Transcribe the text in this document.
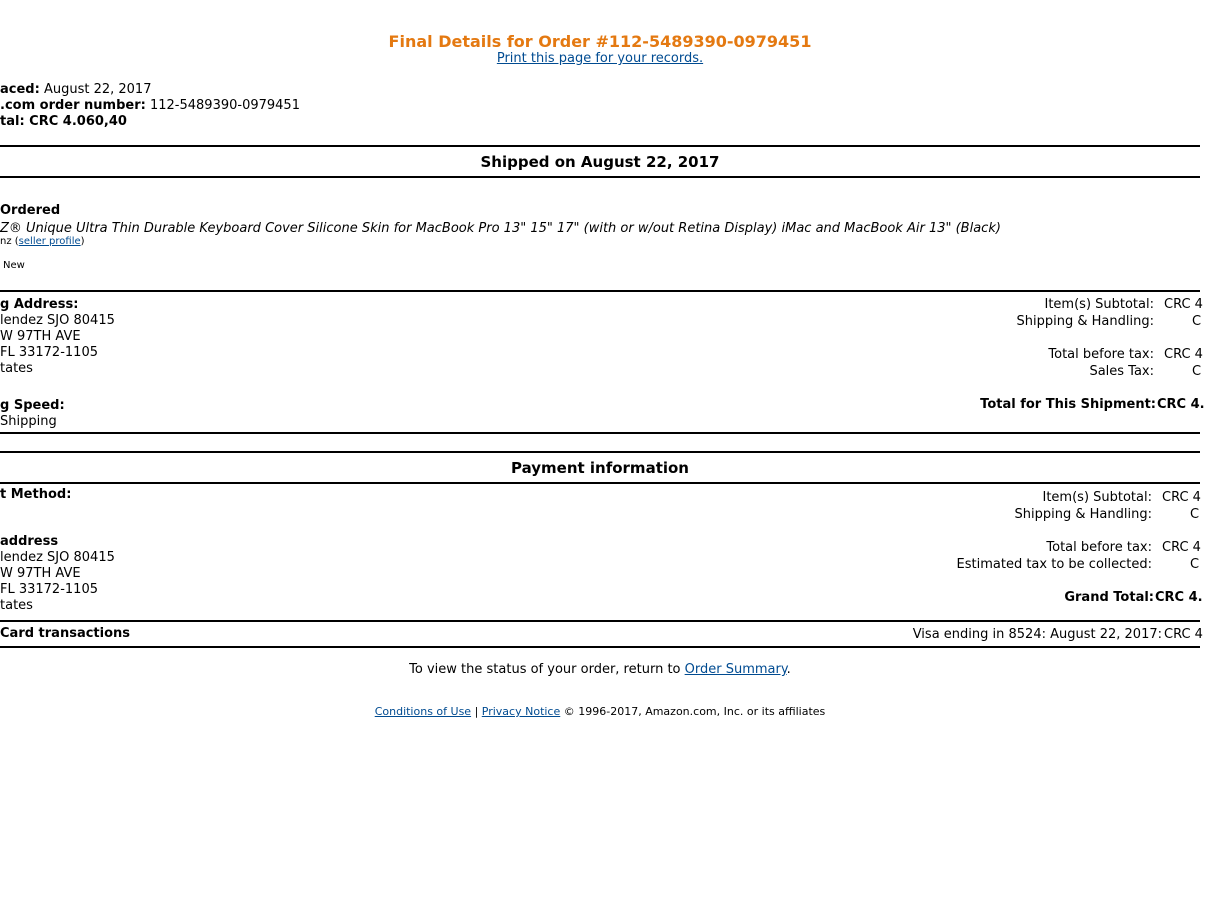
Final Details for Order #112-5489390-0979451
Print this page for your records.
aced: August 22, 2017
.com order number: 112-5489390-0979451
tal: CRC 4.060,40
Shipped on August 22, 2017
Ordered
Z® Unique Ultra Thin Durable Keyboard Cover Silicone Skin for MacBook Pro 13" 15" 17" (with or w/out Retina Display) iMac and MacBook Air 13" (Black)
nz (seller profile)
New
g Address:
lendez SJO 80415
W 97TH AVE
FL 33172-1105
tates
g Speed:
Shipping
Item(s) Subtotal: CRC 4
Shipping & Handling:	C
Total before tax: CRC 4
Sales Tax:	C
Total for This Shipment: CRC 4.
Payment information
t Method:
address
lendez SJO 80415
W 97TH AVE
FL 33172-1105
tates
Item(s) Subtotal: CRC 4
Shipping & Handling:	C
Total before tax: CRC 4
Estimated tax to be collected:	C
Grand Total: CRC 4.
Card transactions	Visa ending in 8524: August 22, 2017: CRC 4
To view the status of your order, return to Order Summary.
Conditions of Use | Privacy Notice © 1996-2017, Amazon.com, Inc. or its affiliates
